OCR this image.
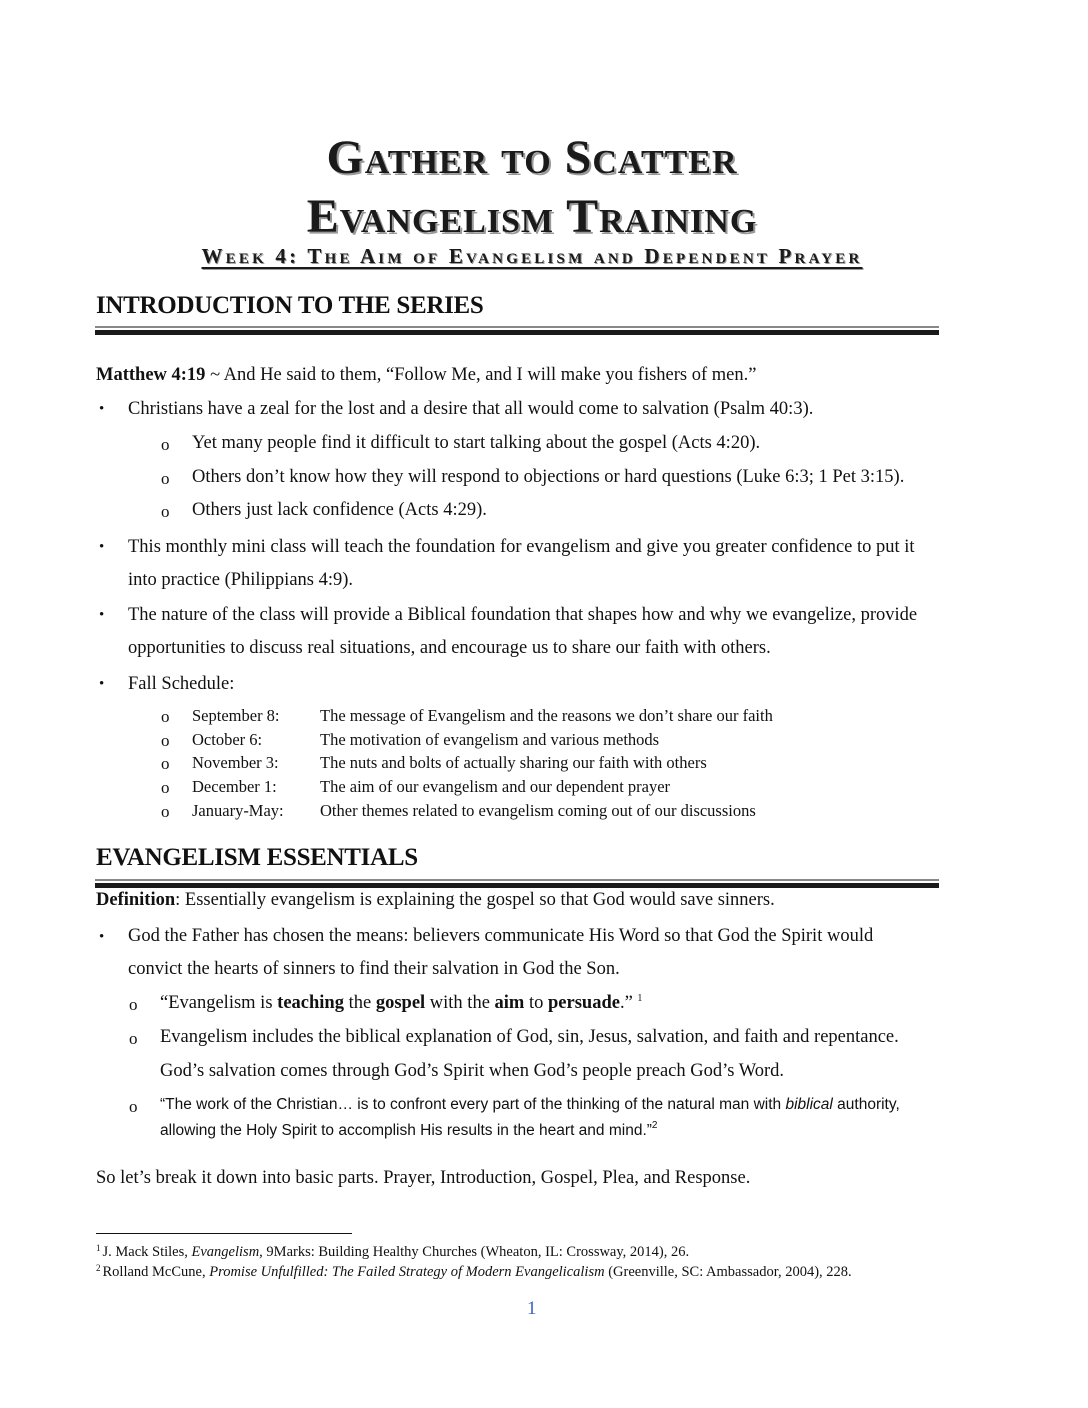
Gather to Scatter
Evangelism Training
Week 4: The Aim of Evangelism and Dependent Prayer
INTRODUCTION TO THE SERIES
Matthew 4:19 ~ And He said to them, “Follow Me, and I will make you fishers of men.”
• Christians have a zeal for the lost and a desire that all would come to salvation (Psalm 40:3).
o Yet many people find it difficult to start talking about the gospel (Acts 4:20).
o Others don’t know how they will respond to objections or hard questions (Luke 6:3; 1 Pet 3:15).
o Others just lack confidence (Acts 4:29).
• This monthly mini class will teach the foundation for evangelism and give you greater confidence to put it
into practice (Philippians 4:9).
• The nature of the class will provide a Biblical foundation that shapes how and why we evangelize, provide
opportunities to discuss real situations, and encourage us to share our faith with others.
• Fall Schedule:
o September 8: The message of Evangelism and the reasons we don’t share our faith
o October 6:	The motivation of evangelism and various methods
o November 3:	The nuts and bolts of actually sharing our faith with others
o December 1:	The aim of our evangelism and our dependent prayer
o January-May: Other themes related to evangelism coming out of our discussions
EVANGELISM ESSENTIALS
Definition: Essentially evangelism is explaining the gospel so that God would save sinners.
• God the Father has chosen the means: believers communicate His Word so that God the Spirit would
convict the hearts of sinners to find their salvation in God the Son.
o “Evangelism is teaching the gospel with the aim to persuade.” $^1$
o Evangelism includes the biblical explanation of God, sin, Jesus, salvation, and faith and repentance.
God’s salvation comes through God’s Spirit when God’s people preach God’s Word.
o “The work of the Christian… is to confront every part of the thinking of the natural man with biblical authority,
allowing the Holy Spirit to accomplish His results in the heart and mind.”$^2$
So let’s break it down into basic parts. Prayer, Introduction, Gospel, Plea, and Response.
$^1$ J. Mack Stiles, Evangelism, 9Marks: Building Healthy Churches (Wheaton, IL: Crossway, 2014), 26.
$^2$ Rolland McCune, Promise Unfulfilled: The Failed Strategy of Modern Evangelicalism (Greenville, SC: Ambassador, 2004), 228.
1
